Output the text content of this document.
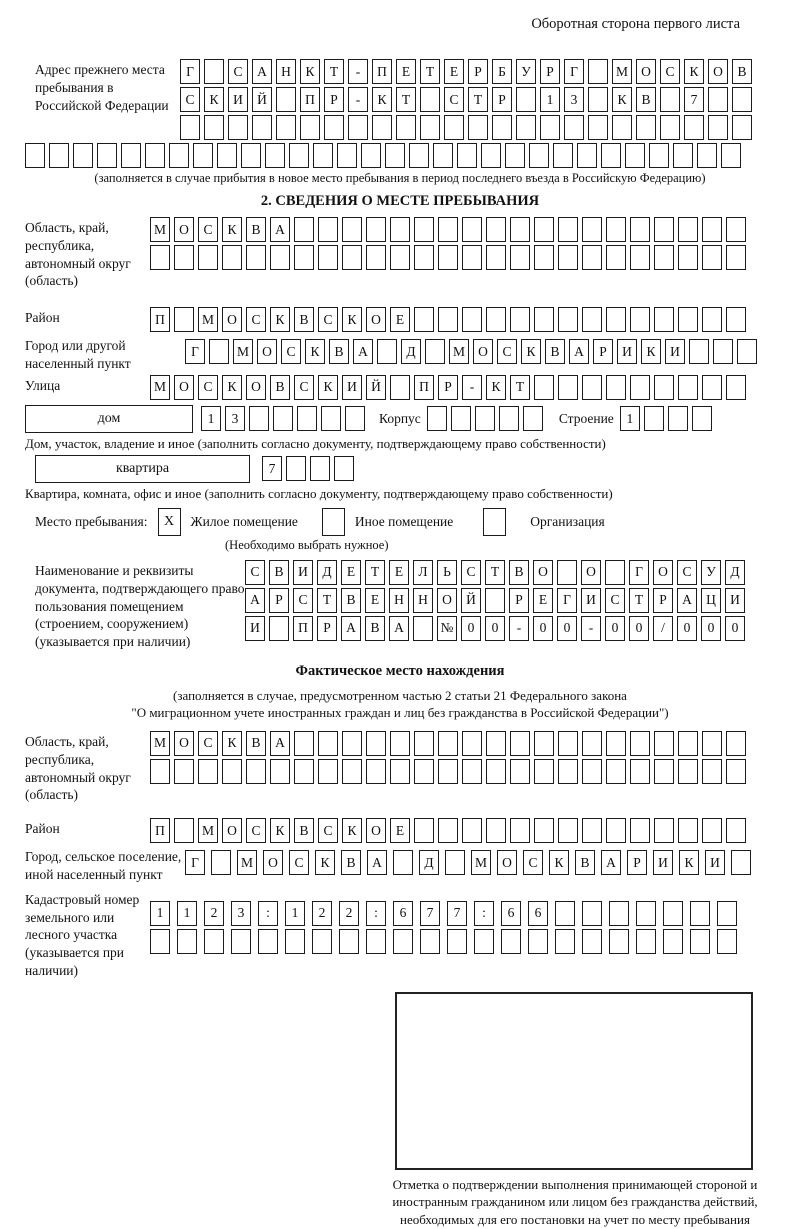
Оборотная сторона первого листа
Адрес прежнего места пребывания в Российской Федерации
Г	С	А	Н	К	Т	-	П	Е	Т	Е	Р	Б	У	Р	Г	М О	С	К	О	В
С	К	И	Й	П	Р	-	К	Т	С	Т	Р	1	3	К	В	7
(заполняется в случае прибытия в новое место пребывания в период последнего въезда в Российскую Федерацию)
2. СВЕДЕНИЯ О МЕСТЕ ПРЕБЫВАНИЯ
Область, край, республика, автономный округ (область)
М О	С	К	В	А
Район	П	М О	С	К	В	С	К	О	Е
Город или другой населенный пункт
Г	М О	С	К	В	А	Д	М О	С	К	В	А	Р	И	К	И
Улица	М О	С	К	О	В	С	К	И	Й	П	Р	-	К	Т
дом	1	3	Корпус	Строение 1
Дом, участок, владение и иное (заполнить согласно документу, подтверждающему право собственности)
квартира	7
Квартира, комната, офис и иное (заполнить согласно документу, подтверждающему право собственности)
Место пребывания:	X	Жилое помещение	Иное помещение	Организация
(Необходимо выбрать нужное)
Наименование и реквизиты документа, подтверждающего право пользования помещением (строением, сооружением) (указывается при наличии)
С	В	И	Д	Е	Т	Е	Л	Ь	С	Т	В	О	О	Г	О	С	У	Д
А	Р	С	Т	В	Е	Н	Н	О	Й	Р	Е	Г	И	С	Т	Р	А	Ц	И
И	П	Р	А	В	А	№	0	0	-	0	0	-	0	0	/	0	0	0
Фактическое место нахождения
(заполняется в случае, предусмотренном частью 2 статьи 21 Федерального закона
"О миграционном учете иностранных граждан и лиц без гражданства в Российской Федерации")
Область, край, республика, автономный округ (область)
М О	С	К	В	А
Район	П	М О	С	К	В	С	К	О	Е
Город, сельское поселение, иной населенный пункт
Г	М	О	С	К	В	А	Д	М	О	С	К	В	А	Р	И	К	И
Кадастровый номер земельного или лесного участка (указывается при наличии)
1	1	2	3	:	1	2	2	:	6	7	7	:	6	6
Отметка о подтверждении выполнения принимающей стороной и иностранным гражданином или лицом без гражданства действий, необходимых для его постановки на учет по месту пребывания
